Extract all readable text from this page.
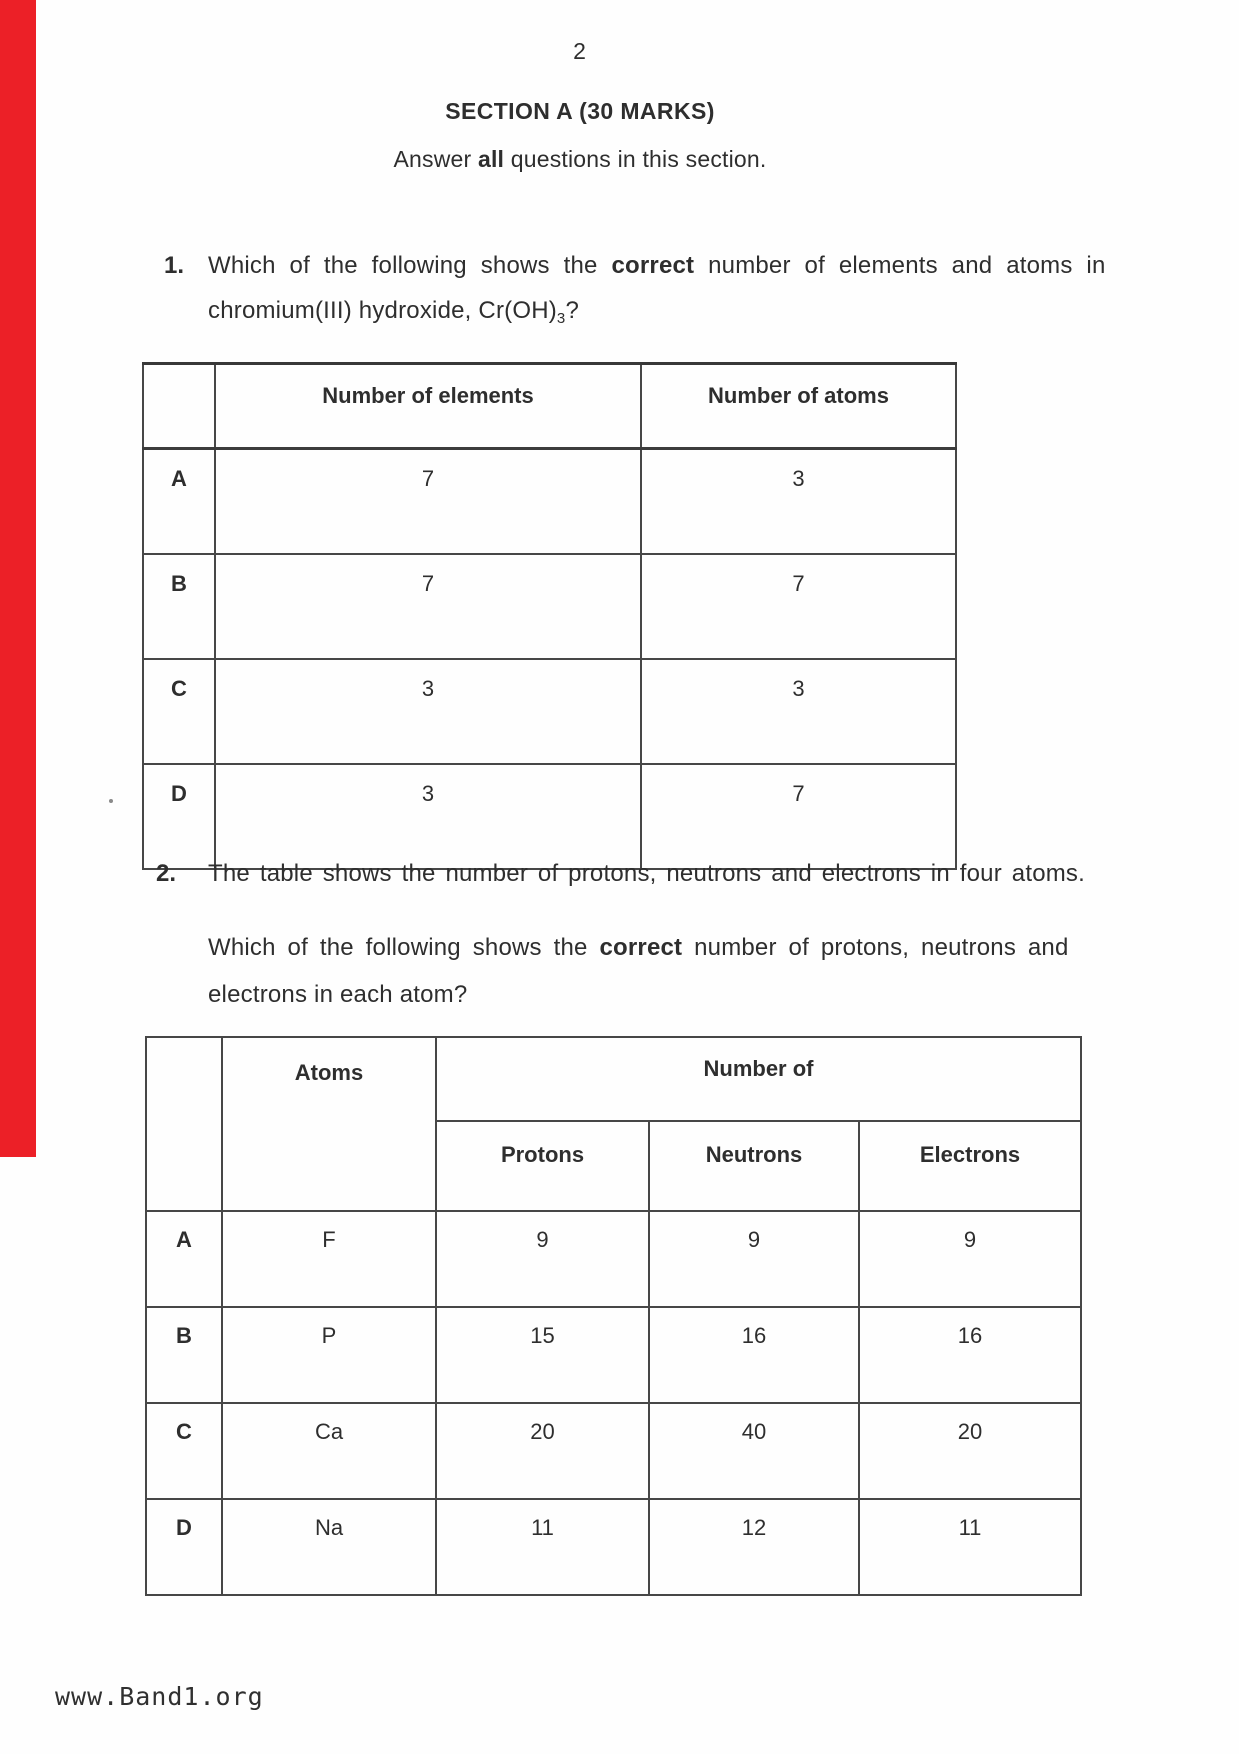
2
SECTION A (30 MARKS)
Answer all questions in this section.
1. Which of the following shows the correct number of elements and atoms in
chromium(III) hydroxide, $Cr(OH)_3$?
	Number of elements	Number of atoms
A	7	3
B	7	7
C	3	3
D	3	7
2. The table shows the number of protons, neutrons and electrons in four atoms.
Which of the following shows the correct number of protons, neutrons and
electrons in each atom?
	Atoms	Number of		
		Protons	Neutrons	Electrons
A	F	9	9	9
B	P	15	16	16
C	Ca	20	40	20
D	Na	11	12	11
www.Band1.org
